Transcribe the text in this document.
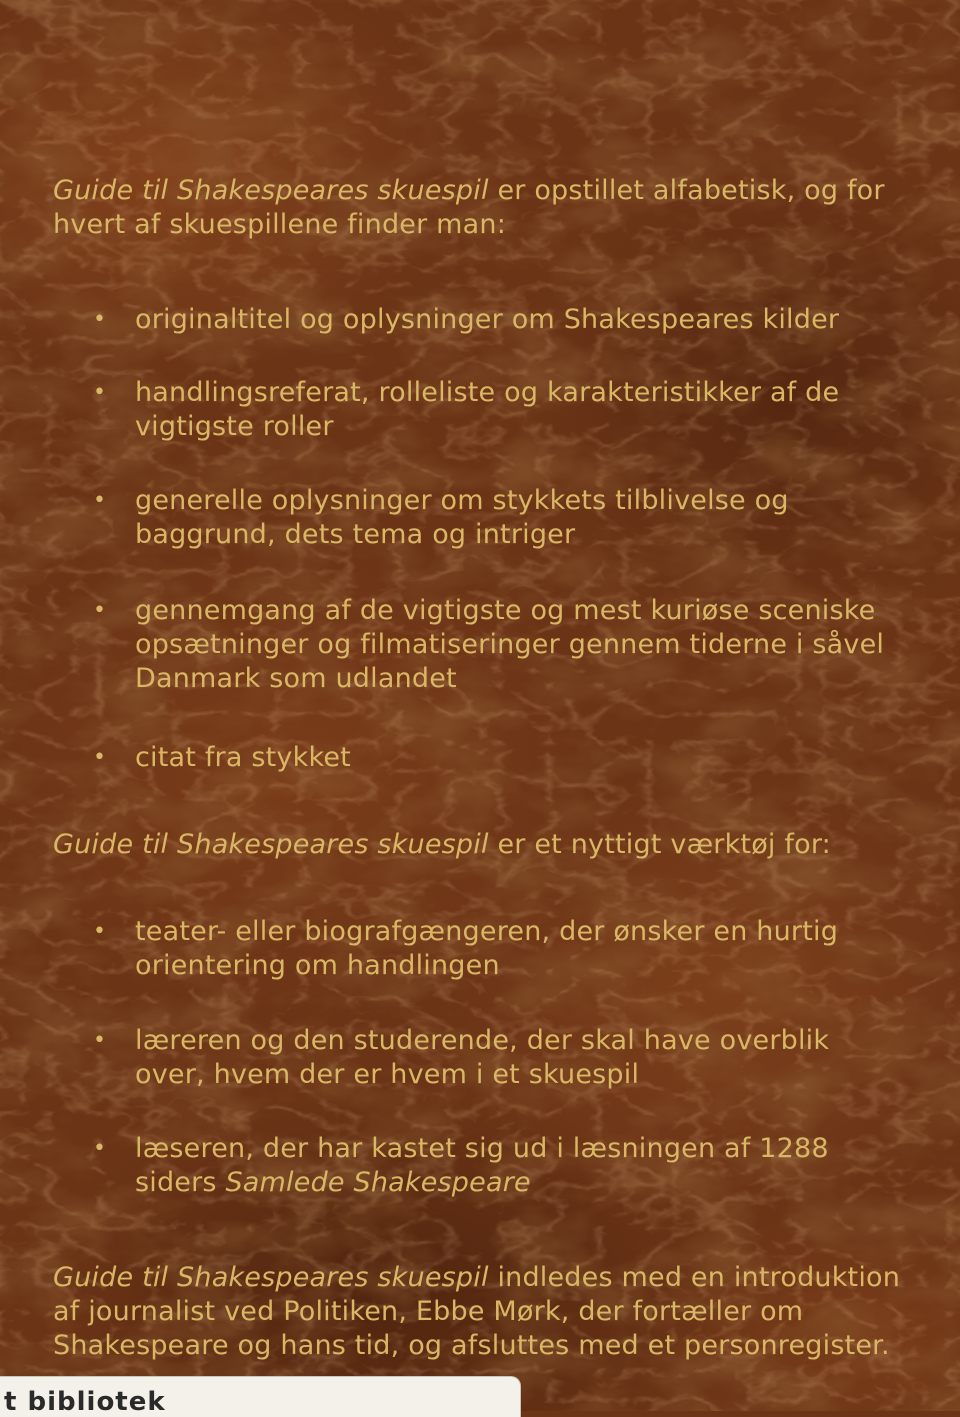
Guide til Shakespeares skuespil er opstillet alfabetisk, og for hvert af skuespillene finder man:

•	originaltitel og oplysninger om Shakespeares kilder

•	handlingsreferat, rolleliste og karakteristikker af de vigtigste roller

•	generelle oplysninger om stykkets tilblivelse og baggrund, dets tema og intriger

•	gennemgang af de vigtigste og mest kuriøse sceniske opsætninger og filmatiseringer gennem tiderne i såvel Danmark som udlandet

•	citat fra stykket

Guide til Shakespeares skuespil er et nyttigt værktøj for:

•	teater- eller biografgængeren, der ønsker en hurtig orientering om handlingen

•	læreren og den studerende, der skal have overblik over, hvem der er hvem i et skuespil

•	læseren, der har kastet sig ud i læsningen af 1288 siders Samlede Shakespeare

Guide til Shakespeares skuespil indledes med en introduktion af journalist ved Politiken, Ebbe Mørk, der fortæller om Shakespeare og hans tid, og afsluttes med et personregister.

t bibliotek
